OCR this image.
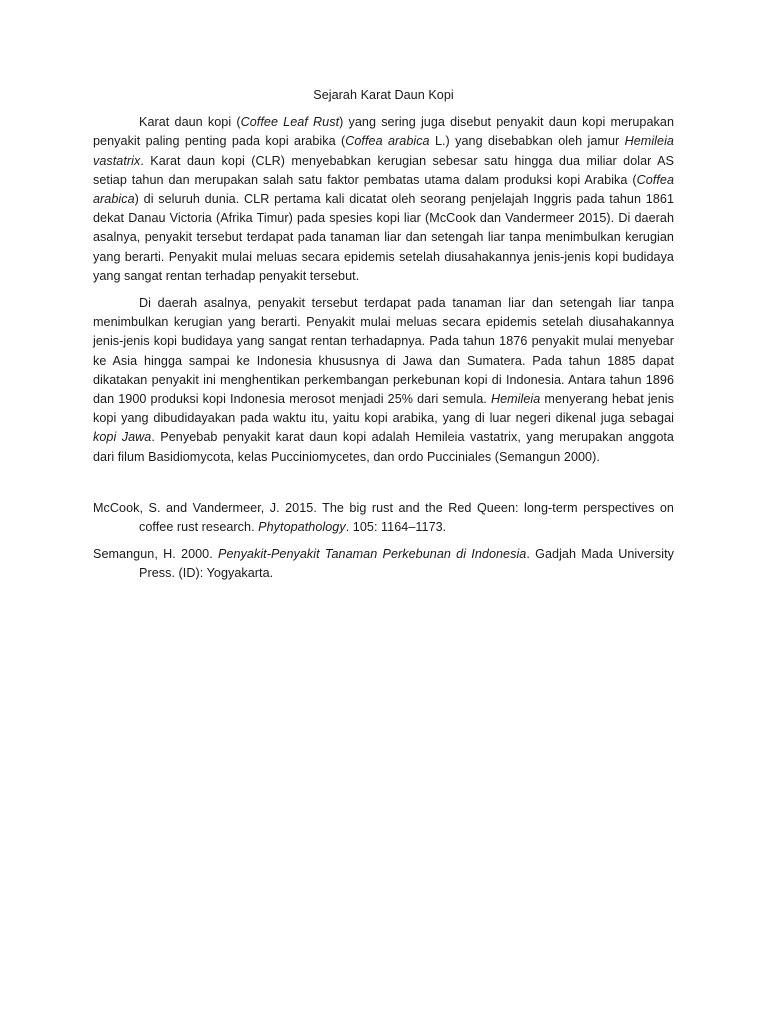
Sejarah Karat Daun Kopi

Karat daun kopi (Coffee Leaf Rust) yang sering juga disebut penyakit daun kopi merupakan penyakit paling penting pada kopi arabika (Coffea arabica L.) yang disebabkan oleh jamur Hemileia vastatrix. Karat daun kopi (CLR) menyebabkan kerugian sebesar satu hingga dua miliar dolar AS setiap tahun dan merupakan salah satu faktor pembatas utama dalam produksi kopi Arabika (Coffea arabica) di seluruh dunia. CLR pertama kali dicatat oleh seorang penjelajah Inggris pada tahun 1861 dekat Danau Victoria (Afrika Timur) pada spesies kopi liar (McCook dan Vandermeer 2015). Di daerah asalnya, penyakit tersebut terdapat pada tanaman liar dan setengah liar tanpa menimbulkan kerugian yang berarti. Penyakit mulai meluas secara epidemis setelah diusahakannya jenis-jenis kopi budidaya yang sangat rentan terhadap penyakit tersebut.

Di daerah asalnya, penyakit tersebut terdapat pada tanaman liar dan setengah liar tanpa menimbulkan kerugian yang berarti. Penyakit mulai meluas secara epidemis setelah diusahakannya jenis-jenis kopi budidaya yang sangat rentan terhadapnya. Pada tahun 1876 penyakit mulai menyebar ke Asia hingga sampai ke Indonesia khususnya di Jawa dan Sumatera. Pada tahun 1885 dapat dikatakan penyakit ini menghentikan perkembangan perkebunan kopi di Indonesia. Antara tahun 1896 dan 1900 produksi kopi Indonesia merosot menjadi 25% dari semula. Hemileia menyerang hebat jenis kopi yang dibudidayakan pada waktu itu, yaitu kopi arabika, yang di luar negeri dikenal juga sebagai kopi Jawa. Penyebab penyakit karat daun kopi adalah Hemileia vastatrix, yang merupakan anggota dari filum Basidiomycota, kelas Pucciniomycetes, dan ordo Pucciniales (Semangun 2000).

McCook, S. and Vandermeer, J. 2015. The big rust and the Red Queen: long-term perspectives on coffee rust research. Phytopathology. 105: 1164–1173.

Semangun, H. 2000. Penyakit-Penyakit Tanaman Perkebunan di Indonesia. Gadjah Mada University Press. (ID): Yogyakarta.
